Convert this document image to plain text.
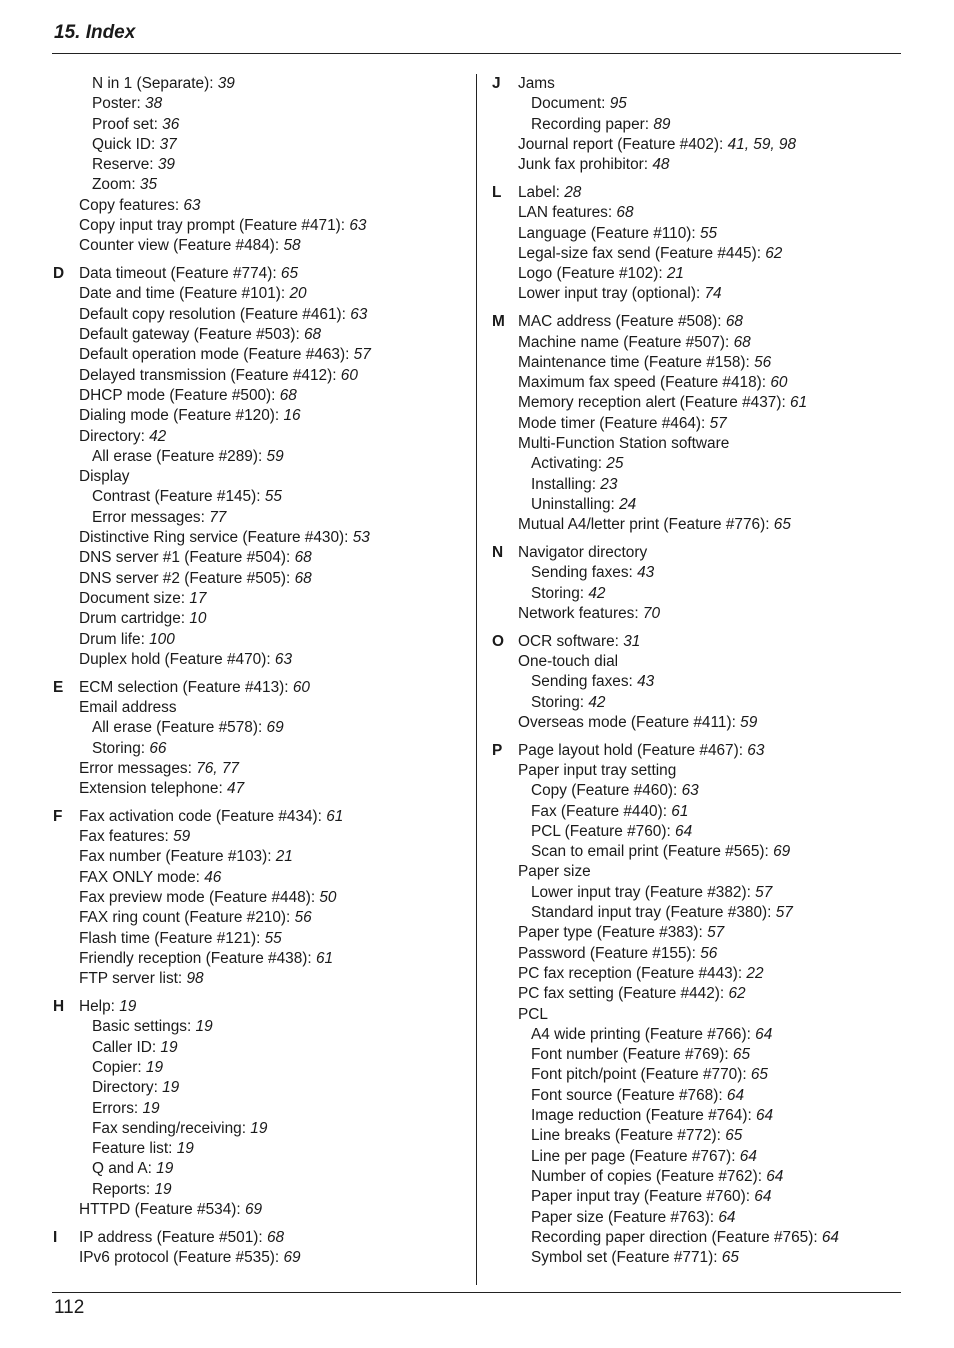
15. Index
N in 1 (Separate): 39
Poster: 38
Proof set: 36
Quick ID: 37
Reserve: 39
Zoom: 35
Copy features: 63
Copy input tray prompt (Feature #471): 63
Counter view (Feature #484): 58
D Data timeout (Feature #774): 65
Date and time (Feature #101): 20
Default copy resolution (Feature #461): 63
Default gateway (Feature #503): 68
Default operation mode (Feature #463): 57
Delayed transmission (Feature #412): 60
DHCP mode (Feature #500): 68
Dialing mode (Feature #120): 16
Directory: 42
All erase (Feature #289): 59
Display
Contrast (Feature #145): 55
Error messages: 77
Distinctive Ring service (Feature #430): 53
DNS server #1 (Feature #504): 68
DNS server #2 (Feature #505): 68
Document size: 17
Drum cartridge: 10
Drum life: 100
Duplex hold (Feature #470): 63
E ECM selection (Feature #413): 60
Email address
All erase (Feature #578): 69
Storing: 66
Error messages: 76, 77
Extension telephone: 47
F Fax activation code (Feature #434): 61
Fax features: 59
Fax number (Feature #103): 21
FAX ONLY mode: 46
Fax preview mode (Feature #448): 50
FAX ring count (Feature #210): 56
Flash time (Feature #121): 55
Friendly reception (Feature #438): 61
FTP server list: 98
H Help: 19
Basic settings: 19
Caller ID: 19
Copier: 19
Directory: 19
Errors: 19
Fax sending/receiving: 19
Feature list: 19
Q and A: 19
Reports: 19
HTTPD (Feature #534): 69
I IP address (Feature #501): 68
IPv6 protocol (Feature #535): 69
J Jams
Document: 95
Recording paper: 89
Journal report (Feature #402): 41, 59, 98
Junk fax prohibitor: 48
L Label: 28
LAN features: 68
Language (Feature #110): 55
Legal-size fax send (Feature #445): 62
Logo (Feature #102): 21
Lower input tray (optional): 74
M MAC address (Feature #508): 68
Machine name (Feature #507): 68
Maintenance time (Feature #158): 56
Maximum fax speed (Feature #418): 60
Memory reception alert (Feature #437): 61
Mode timer (Feature #464): 57
Multi-Function Station software
Activating: 25
Installing: 23
Uninstalling: 24
Mutual A4/letter print (Feature #776): 65
N Navigator directory
Sending faxes: 43
Storing: 42
Network features: 70
O OCR software: 31
One-touch dial
Sending faxes: 43
Storing: 42
Overseas mode (Feature #411): 59
P Page layout hold (Feature #467): 63
Paper input tray setting
Copy (Feature #460): 63
Fax (Feature #440): 61
PCL (Feature #760): 64
Scan to email print (Feature #565): 69
Paper size
Lower input tray (Feature #382): 57
Standard input tray (Feature #380): 57
Paper type (Feature #383): 57
Password (Feature #155): 56
PC fax reception (Feature #443): 22
PC fax setting (Feature #442): 62
PCL
A4 wide printing (Feature #766): 64
Font number (Feature #769): 65
Font pitch/point (Feature #770): 65
Font source (Feature #768): 64
Image reduction (Feature #764): 64
Line breaks (Feature #772): 65
Line per page (Feature #767): 64
Number of copies (Feature #762): 64
Paper input tray (Feature #760): 64
Paper size (Feature #763): 64
Recording paper direction (Feature #765): 64
Symbol set (Feature #771): 65
112
